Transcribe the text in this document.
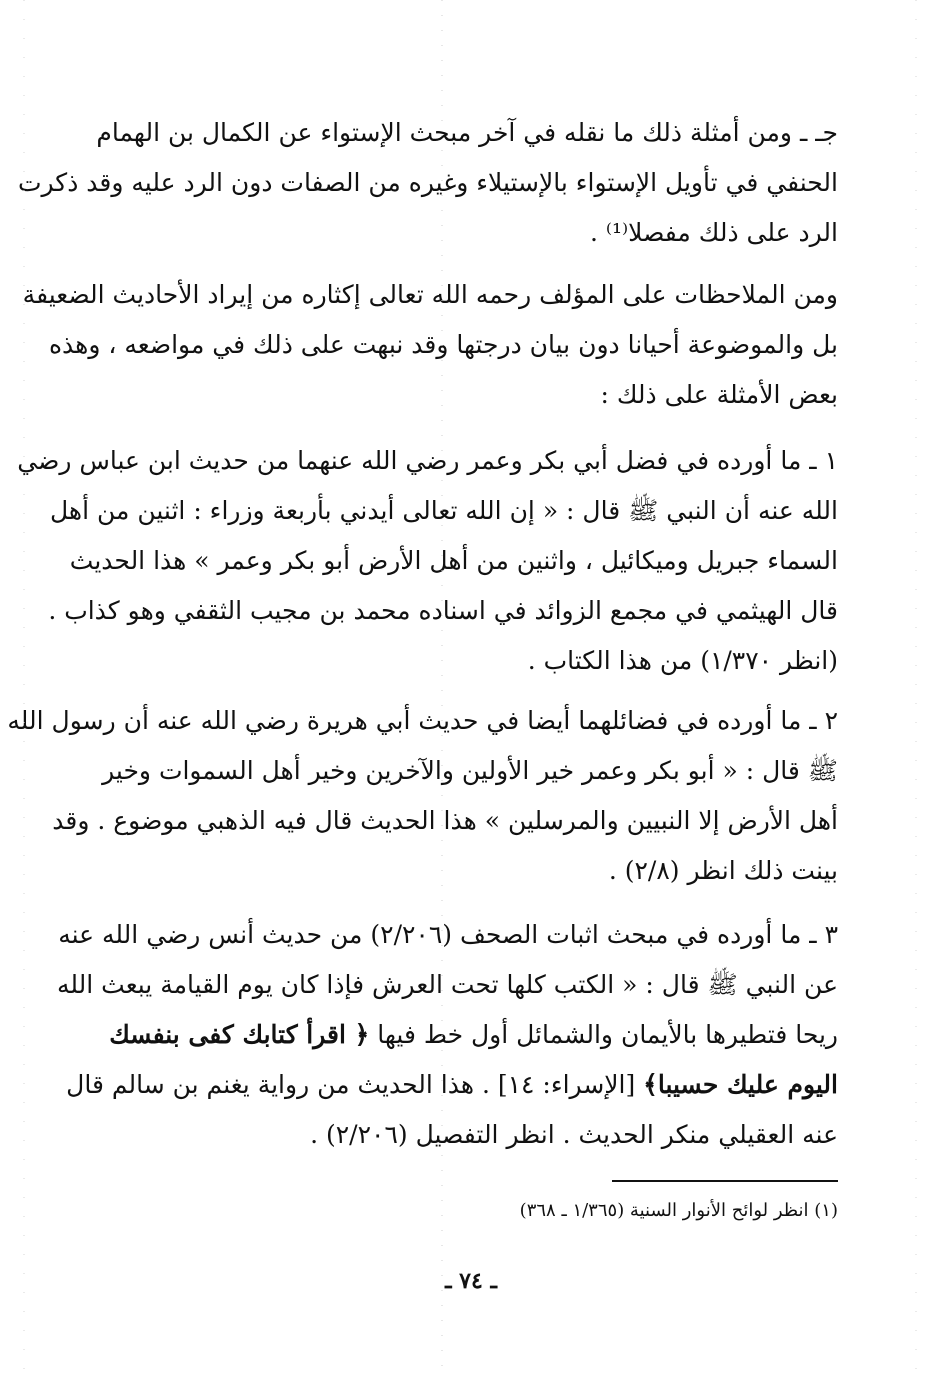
جـ ـ ومن أمثلة ذلك ما نقله في آخر مبحث الإستواء عن الكمال بن الهمام
الحنفي في تأويل الإستواء بالإستيلاء وغيره من الصفات دون الرد عليه وقد ذكرت
الرد على ذلك مفصلا⁽¹⁾ .
ومن الملاحظات على المؤلف رحمه الله تعالى إكثاره من إيراد الأحاديث الضعيفة
بل والموضوعة أحيانا دون بيان درجتها وقد نبهت على ذلك في مواضعه ، وهذه
بعض الأمثلة على ذلك :
١ ـ ما أورده في فضل أبي بكر وعمر رضي الله عنهما من حديث ابن عباس رضي
الله عنه أن النبي ﷺ قال : « إن الله تعالى أيدني بأربعة وزراء : اثنين من أهل
السماء جبريل وميكائيل ، واثنين من أهل الأرض أبو بكر وعمر » هذا الحديث
قال الهيثمي في مجمع الزوائد في اسناده محمد بن مجيب الثقفي وهو كذاب .
(انظر ١/٣٧٠) من هذا الكتاب .
٢ ـ ما أورده في فضائلهما أيضا في حديث أبي هريرة رضي الله عنه أن رسول الله
ﷺ قال : « أبو بكر وعمر خير الأولين والآخرين وخير أهل السموات وخير
أهل الأرض إلا النبيين والمرسلين » هذا الحديث قال فيه الذهبي موضوع . وقد
بينت ذلك انظر (٢/٨) .
٣ ـ ما أورده في مبحث اثبات الصحف (٢/٢٠٦) من حديث أنس رضي الله عنه
عن النبي ﷺ قال : « الكتب كلها تحت العرش فإذا كان يوم القيامة يبعث الله
ريحا فتطيرها بالأيمان والشمائل أول خط فيها ﴿ اقرأ كتابك كفى بنفسك
اليوم عليك حسيبا﴾ [الإسراء: ١٤] . هذا الحديث من رواية يغنم بن سالم قال
عنه العقيلي منكر الحديث . انظر التفصيل (٢/٢٠٦) .
(١) انظر لوائح الأنوار السنية (١/٣٦٥ ـ ٣٦٨)
ـ ٧٤ ـ
